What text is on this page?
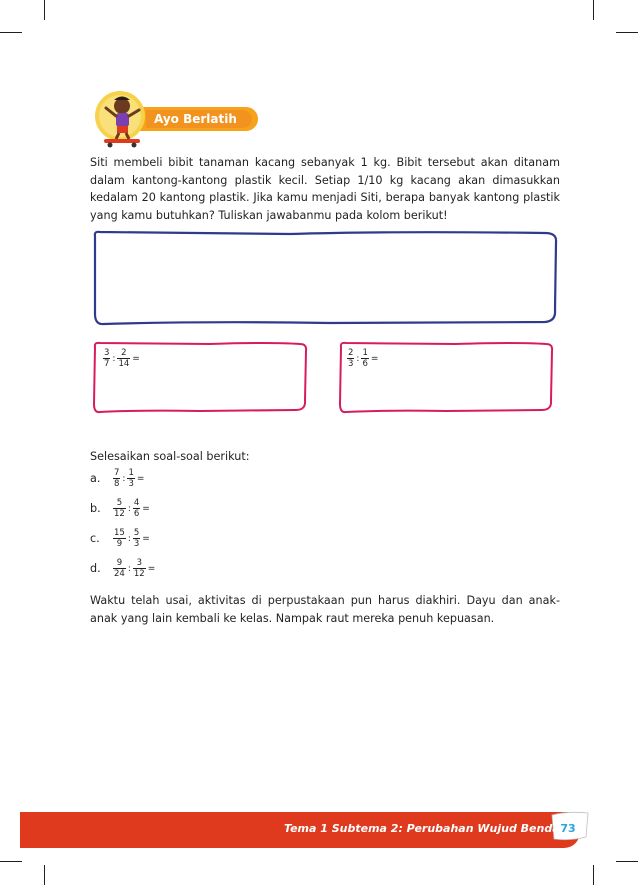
Ayo Berlatih

Siti membeli bibit tanaman kacang sebanyak 1 kg. Bibit tersebut akan ditanam dalam kantong-kantong plastik kecil. Setiap 1/10 kg kacang akan dimasukkan kedalam 20 kantong plastik. Jika kamu menjadi Siti, berapa banyak kantong plastik yang kamu butuhkan? Tuliskan jawabanmu pada kolom berikut!

$\frac{3}{7}$ : $\frac{2}{14}$ =	$\frac{2}{3}$ : $\frac{1}{6}$ =
Selesaikan soal-soal berikut:
a. $\frac{7}{8}$ : $\frac{1}{3}$ =
b. $\frac{5}{12}$ : $\frac{4}{6}$ =
c. $\frac{15}{9}$ : $\frac{5}{3}$ =
d. $\frac{9}{24}$ : $\frac{3}{12}$ =

Waktu telah usai, aktivitas di perpustakaan pun harus diakhiri. Dayu dan anak-anak yang lain kembali ke kelas. Nampak raut mereka penuh kepuasan.

Tema 1 Subtema 2: Perubahan Wujud Benda 73
